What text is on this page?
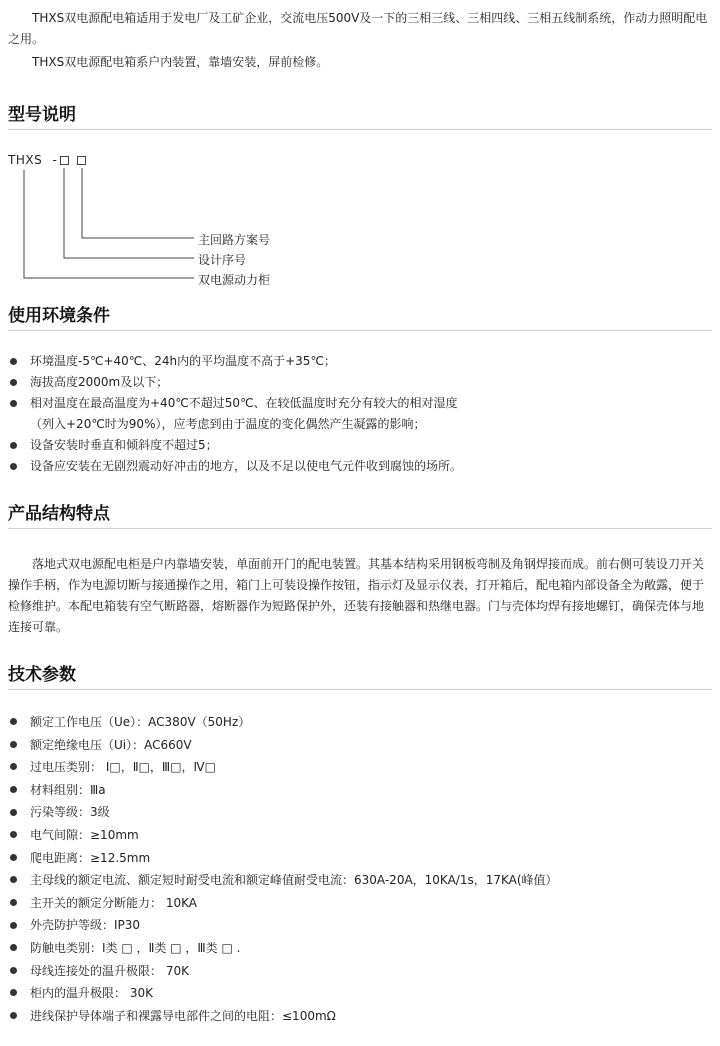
THXS双电源配电箱适用于发电厂及工矿企业，交流电压500V及一下的三相三线、三相四线、三相五线制系统，作动力照明配电之用。

THXS双电源配电箱系户内装置，靠墙安装，屏前检修。

型号说明
THXS -
主回路方案号
设计序号
双电源动力柜
使用环境条件
环境温度-5℃+40℃、24h内的平均温度不高于+35℃；
海拔高度2000m及以下；
相对温度在最高温度为+40℃不超过50℃、在较低温度时充分有较大的相对湿度
（列入+20℃时为90%），应考虑到由于温度的变化偶然产生凝露的影响；
设备安装时垂直和倾斜度不超过5；
设备应安装在无剧烈震动好冲击的地方，以及不足以使电气元件收到腐蚀的场所。
产品结构特点

落地式双电源配电柜是户内靠墙安装，单面前开门的配电装置。其基本结构采用钢板弯制及角钢焊接而成。前右侧可装设刀开关操作手柄，作为电源切断与接通操作之用，箱门上可装设操作按钮，指示灯及显示仪表，打开箱后，配电箱内部设备全为敞露，便于检修维护。本配电箱装有空气断路器，熔断器作为短路保护外，还装有接触器和热继电器。门与壳体均焊有接地螺钉，确保壳体与地连接可靠。

技术参数
额定工作电压（Ue）：AC380V（50Hz）
额定绝缘电压（Ui）：AC660V
过电压类别： Ⅰ□，Ⅱ□，Ⅲ□，Ⅳ□
材料组别：Ⅲa
污染等级：3级
电气间隙：≥10mm
爬电距离：≥12.5mm
主母线的额定电流、额定短时耐受电流和额定峰值耐受电流：630A-20A，10KA/1s，17KA(峰值）
主开关的额定分断能力： 10KA
外壳防护等级：IP30
防触电类别：Ⅰ类 □ ，Ⅱ类 □ ，Ⅲ类 □ .
母线连接处的温升极限： 70K
柜内的温升极限： 30K
进线保护导体端子和裸露导电部件之间的电阻：≤100mΩ
